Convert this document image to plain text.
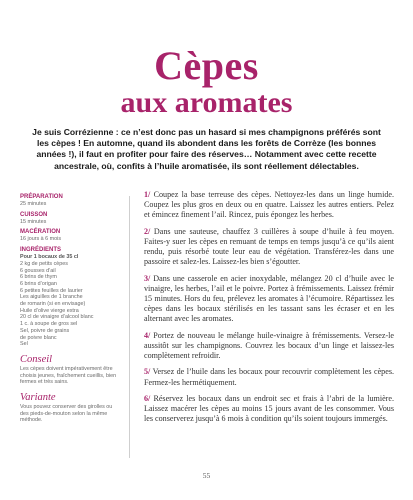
Cèpes
aux aromates
Je suis Corrézienne : ce n’est donc pas un hasard si mes champignons préférés sont les cèpes ! En automne, quand ils abondent dans les forêts de Corrèze (les bonnes années !), il faut en profiter pour faire des réserves… Notamment avec cette recette ancestrale, où, confits à l’huile aromatisée, ils sont réellement délectables.
PRÉPARATION
25 minutes
CUISSON
15 minutes
MACÉRATION
16 jours à 6 mois
INGRÉDIENTS
Pour 1 bocaux de 35 cl
2 kg de petits cèpes
6 gousses d’ail
6 brins de thym
6 brins d’origan
6 petites feuilles de laurier
Les aiguilles de 1 branche
de romarin (si en envisage)
Huile d’olive vierge extra
20 cl de vinaigre d’alcool blanc
1 c. à soupe de gros sel
Sel, poivre de grains
de poivre blanc
Sel
Conseil
Les cèpes doivent impérativement être choisis jeunes, fraîchement cueillis, bien fermes et très sains.
Variante
Vous pouvez conserver des girolles ou des pieds-de-mouton selon la même méthode.
1/ Coupez la base terreuse des cèpes. Nettoyez-les dans un linge humide. Coupez les plus gros en deux ou en quatre. Laissez les autres entiers. Pelez et émincez finement l’ail. Rincez, puis épongez les herbes.
2/ Dans une sauteuse, chauffez 3 cuillères à soupe d’huile à feu moyen. Faites-y suer les cèpes en remuant de temps en temps jusqu’à ce qu’ils aient rendu, puis résorbé toute leur eau de végétation. Transférez-les dans une passoire et salez-les. Laissez-les bien s’égoutter.
3/ Dans une casserole en acier inoxydable, mélangez 20 cl d’huile avec le vinaigre, les herbes, l’ail et le poivre. Portez à frémissements. Laissez frémir 15 minutes. Hors du feu, prélevez les aromates à l’écumoire. Répartissez les cèpes dans les bocaux stérilisés en les tassant sans les écraser et en les alternant avec les aromates.
4/ Portez de nouveau le mélange huile-vinaigre à frémissements. Versez-le aussitôt sur les champignons. Couvrez les bocaux d’un linge et laissez-les complètement refroidir.
5/ Versez de l’huile dans les bocaux pour recouvrir complètement les cèpes. Fermez-les hermétiquement.
6/ Réservez les bocaux dans un endroit sec et frais à l’abri de la lumière. Laissez macérer les cèpes au moins 15 jours avant de les consommer. Vous les conserverez jusqu’à 6 mois à condition qu’ils soient toujours immergés.
55
